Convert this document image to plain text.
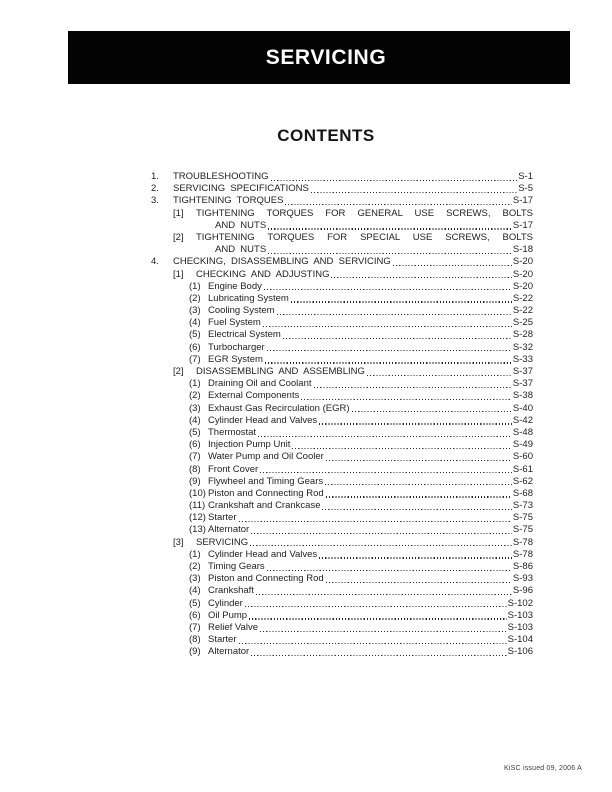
SERVICING
CONTENTS
1.	TROUBLESHOOTING	S-1
2.	SERVICING SPECIFICATIONS	S-5
3.	TIGHTENING TORQUES	S-17
[1]	TIGHTENING TORQUES FOR GENERAL USE SCREWS, BOLTS
AND NUTS	S-17
[2]	TIGHTENING TORQUES FOR SPECIAL USE SCREWS, BOLTS
AND NUTS	S-18
4.	CHECKING, DISASSEMBLING AND SERVICING	S-20
[1]	CHECKING AND ADJUSTING	S-20
(1) Engine Body	S-20
(2) Lubricating System	S-22
(3) Cooling System	S-22
(4) Fuel System	S-25
(5) Electrical System	S-28
(6) Turbocharger	S-32
(7) EGR System	S-33
[2]	DISASSEMBLING AND ASSEMBLING	S-37
(1) Draining Oil and Coolant	S-37
(2) External Components	S-38
(3) Exhaust Gas Recirculation (EGR)	S-40
(4) Cylinder Head and Valves	S-42
(5) Thermostat	S-48
(6) Injection Pump Unit	S-49
(7) Water Pump and Oil Cooler	S-60
(8) Front Cover	S-61
(9) Flywheel and Timing Gears	S-62
(10) Piston and Connecting Rod	S-68
(11) Crankshaft and Crankcase	S-73
(12) Starter	S-75
(13) Alternator	S-75
[3]	SERVICING	S-78
(1) Cylinder Head and Valves	S-78
(2) Timing Gears	S-86
(3) Piston and Connecting Rod	S-93
(4) Crankshaft	S-96
(5) Cylinder	S-102
(6) Oil Pump	S-103
(7) Relief Valve	S-103
(8) Starter	S-104
(9) Alternator	S-106
KiSC issued 09, 2006 A
